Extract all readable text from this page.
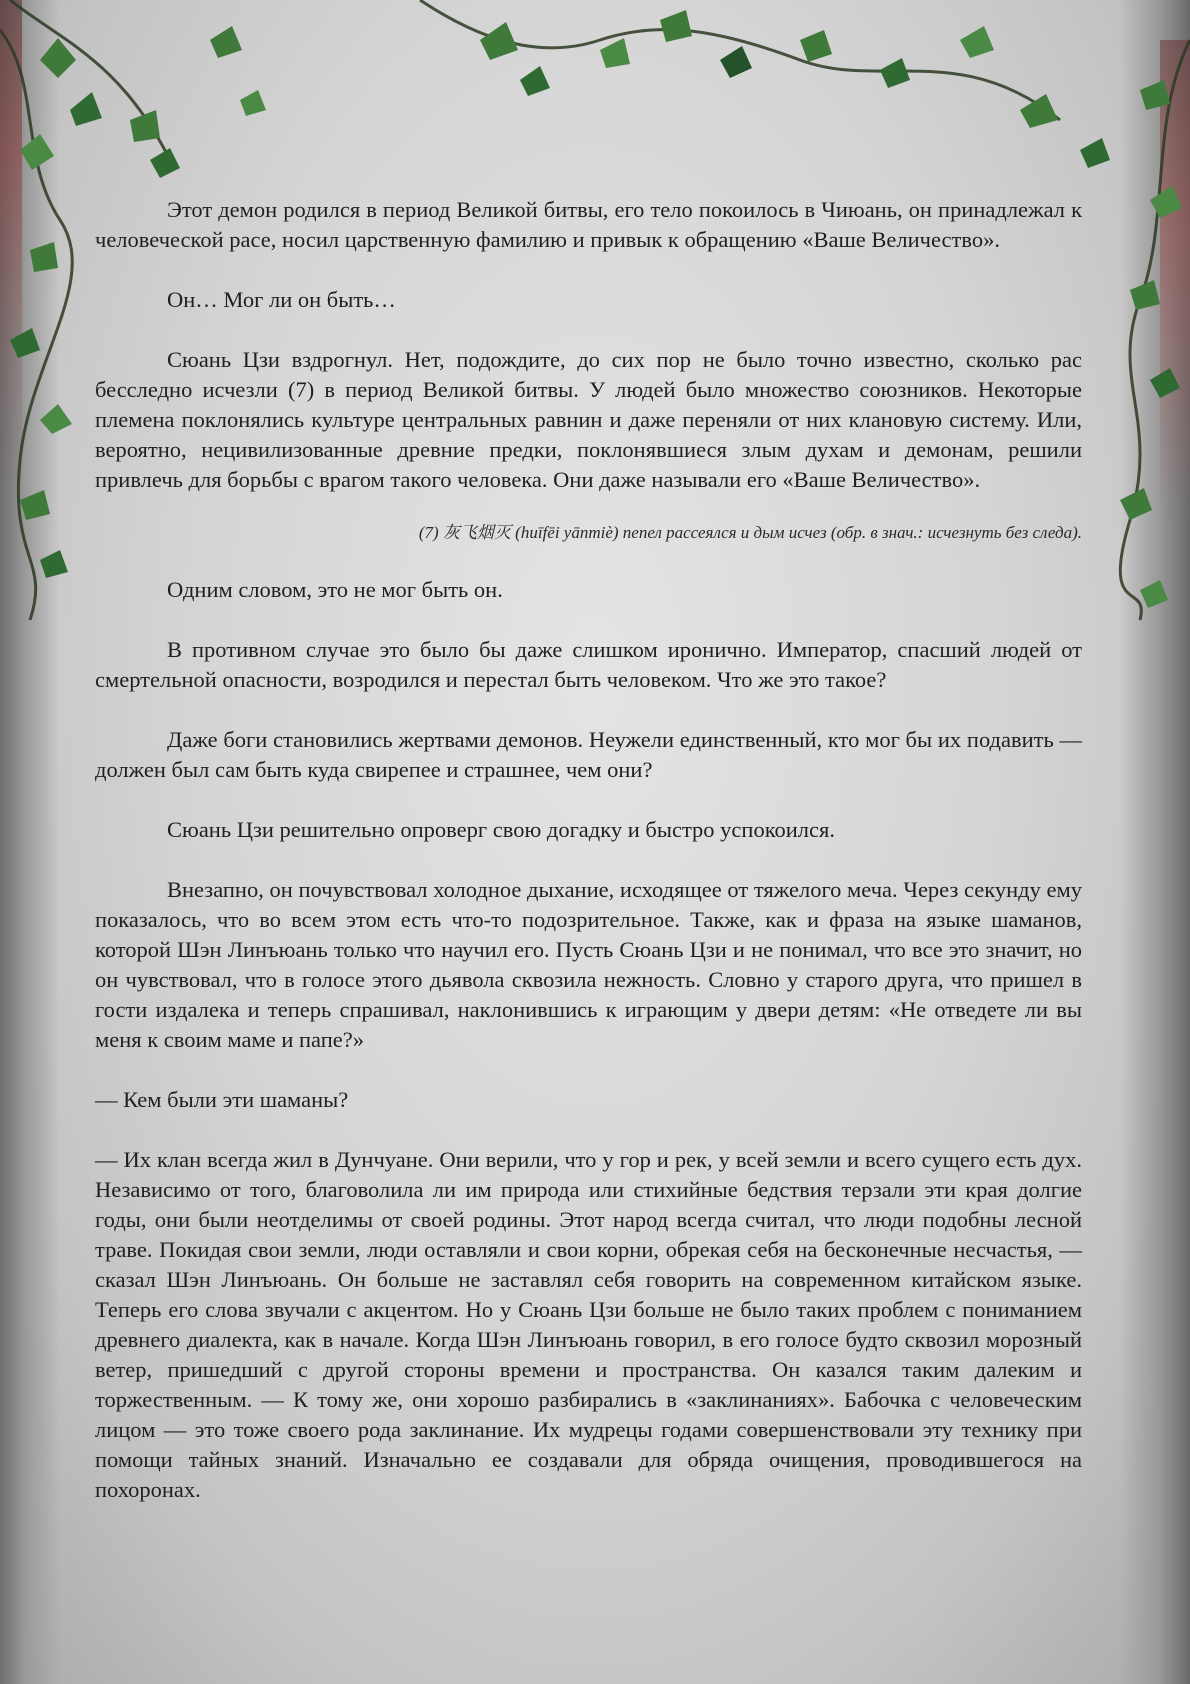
Этот демон родился в период Великой битвы, его тело покоилось в Чиюань, он принадлежал к человеческой расе, носил царственную фамилию и привык к обращению «Ваше Величество».

Он… Мог ли он быть…

Сюань Цзи вздрогнул. Нет, подождите, до сих пор не было точно известно, сколько рас бесследно исчезли (7) в период Великой битвы. У людей было множество союзников. Некоторые племена поклонялись культуре центральных равнин и даже переняли от них клановую систему. Или, вероятно, нецивилизованные древние предки, поклонявшиеся злым духам и демонам, решили привлечь для борьбы с врагом такого человека. Они даже называли его «Ваше Величество».

(7) 灰飞烟灭 (huīfēi yānmiè) пепел рассеялся и дым исчез (обр. в знач.: исчезнуть без следа).

Одним словом, это не мог быть он.

В противном случае это было бы даже слишком иронично. Император, спасший людей от смертельной опасности, возродился и перестал быть человеком. Что же это такое?

Даже боги становились жертвами демонов. Неужели единственный, кто мог бы их подавить — должен был сам быть куда свирепее и страшнее, чем они?

Сюань Цзи решительно опроверг свою догадку и быстро успокоился.

Внезапно, он почувствовал холодное дыхание, исходящее от тяжелого меча. Через секунду ему показалось, что во всем этом есть что-то подозрительное. Также, как и фраза на языке шаманов, которой Шэн Линъюань только что научил его. Пусть Сюань Цзи и не понимал, что все это значит, но он чувствовал, что в голосе этого дьявола сквозила нежность. Словно у старого друга, что пришел в гости издалека и теперь спрашивал, наклонившись к играющим у двери детям: «Не отведете ли вы меня к своим маме и папе?»

— Кем были эти шаманы?

— Их клан всегда жил в Дунчуане. Они верили, что у гор и рек, у всей земли и всего сущего есть дух. Независимо от того, благоволила ли им природа или стихийные бедствия терзали эти края долгие годы, они были неотделимы от своей родины. Этот народ всегда считал, что люди подобны лесной траве. Покидая свои земли, люди оставляли и свои корни, обрекая себя на бесконечные несчастья, — сказал Шэн Линъюань. Он больше не заставлял себя говорить на современном китайском языке. Теперь его слова звучали с акцентом. Но у Сюань Цзи больше не было таких проблем с пониманием древнего диалекта, как в начале. Когда Шэн Линъюань говорил, в его голосе будто сквозил морозный ветер, пришедший с другой стороны времени и пространства. Он казался таким далеким и торжественным. — К тому же, они хорошо разбирались в «заклинаниях». Бабочка с человеческим лицом — это тоже своего рода заклинание. Их мудрецы годами совершенствовали эту технику при помощи тайных знаний. Изначально ее создавали для обряда очищения, проводившегося на похоронах.
